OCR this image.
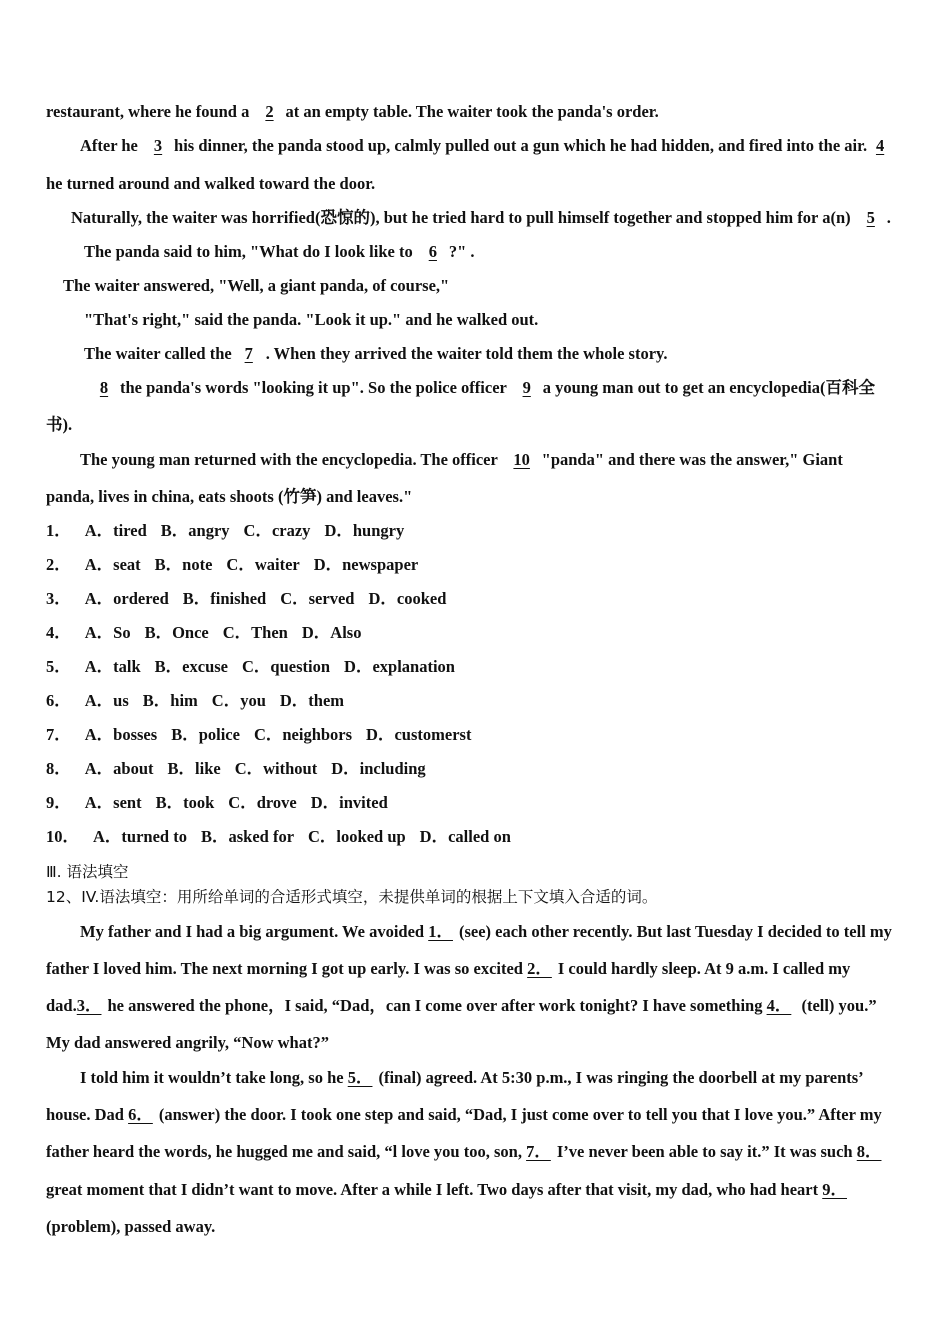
restaurant, where he found a 2 at an empty table. The waiter took the panda's order.
After he 3 his dinner, the panda stood up, calmly pulled out a gun which he had hidden, and fired into the air. 4
he turned around and walked toward the door.
Naturally, the waiter was horrified(恐惊的), but he tried hard to pull himself together and stopped him for a(n) 5 .
The panda said to him, "What do I look like to 6 ?" .
The waiter answered, "Well, a giant panda, of course,"
"That's right," said the panda. "Look it up." and he walked out.
The waiter called the 7 . When they arrived the waiter told them the whole story.
8 the panda's words "looking it up". So the police officer 9 a young man out to get an encyclopedia(百科全
书).
The young man returned with the encyclopedia. The officer 10 "panda" and there was the answer," Giant
panda, lives in china, eats shoots (竹笋) and leaves."
1． A．tired B．angry C．crazy D．hungry
2． A．seat B．note C．waiter D．newspaper
3． A．ordered B．finished C．served D．cooked
4． A．So B．Once C．Then D．Also
5． A．talk B．excuse C．question D．explanation
6． A．us B．him C．you D．them
7． A．bosses B．police C．neighbors D．customerst
8． A．about B．like C．without D．including
9． A．sent B．took C．drove D．invited
10． A．turned to B．asked for C．looked up D．called on
Ⅲ. 语法填空
12、IV.语法填空：用所给单词的合适形式填空，未提供单词的根据上下文填入合适的词。
My father and I had a big argument. We avoided 1． (see) each other recently. But last Tuesday I decided to tell my
father I loved him. The next morning I got up early. I was so excited 2． I could hardly sleep. At 9 a.m. I called my
dad.3． he answered the phone，I said, “Dad，can I come over after work tonight? I have something 4． (tell) you.”
My dad answered angrily, “Now what?”
I told him it wouldn’t take long, so he 5． (final) agreed. At 5:30 p.m., I was ringing the doorbell at my parents’
house. Dad 6． (answer) the door. I took one step and said, “Dad, I just come over to tell you that I love you.” After my
father heard the words, he hugged me and said, “l love you too, son, 7． I’ve never been able to say it.” It was such 8．
great moment that I didn’t want to move. After a while I left. Two days after that visit, my dad, who had heart 9．
(problem), passed away.
